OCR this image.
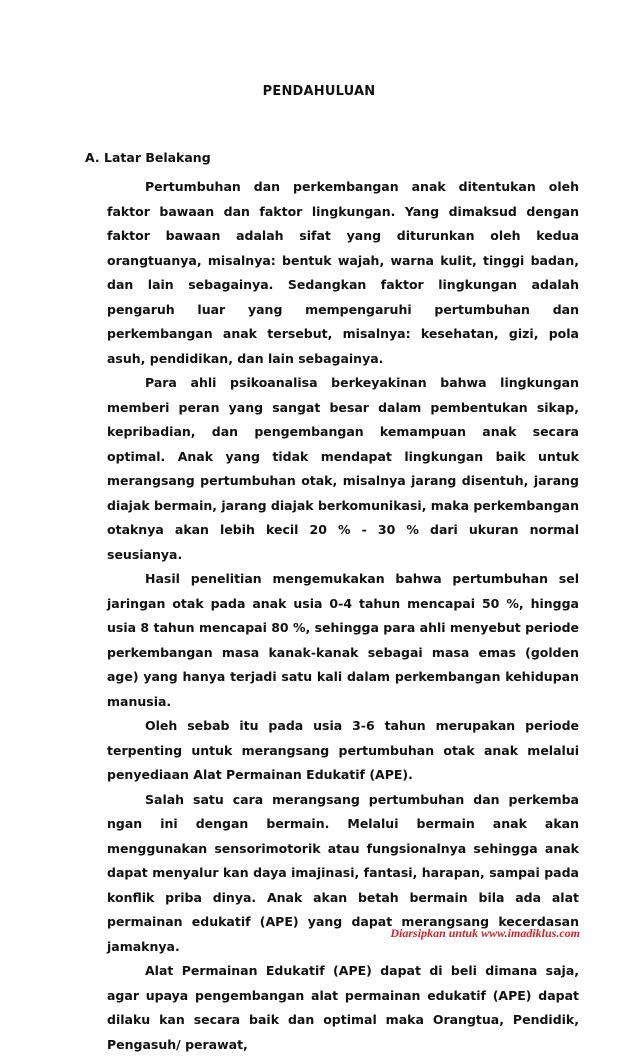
PENDAHULUAN
A. Latar Belakang

Pertumbuhan dan perkembangan anak ditentukan oleh faktor bawaan dan faktor lingkungan. Yang dimaksud dengan faktor bawaan adalah sifat yang diturunkan oleh kedua orangtuanya, misalnya: bentuk wajah, warna kulit, tinggi badan, dan lain sebagainya. Sedangkan faktor lingkungan adalah pengaruh luar yang mempengaruhi pertumbuhan dan perkembangan anak tersebut, misalnya: kesehatan, gizi, pola asuh, pendidikan, dan lain sebagainya.

Para ahli psikoanalisa berkeyakinan bahwa lingkungan memberi peran yang sangat besar dalam pembentukan sikap, kepribadian, dan pengembangan kemampuan anak secara optimal. Anak yang tidak mendapat lingkungan baik untuk merangsang pertumbuhan otak, misalnya jarang disentuh, jarang diajak bermain, jarang diajak berkomunikasi, maka perkembangan otaknya akan lebih kecil 20 % - 30 % dari ukuran normal seusianya.

Hasil penelitian mengemukakan bahwa pertumbuhan sel jaringan otak pada anak usia 0-4 tahun mencapai 50 %, hingga usia 8 tahun mencapai 80 %, sehingga para ahli menyebut periode perkembangan masa kanak-kanak sebagai masa emas (golden age) yang hanya terjadi satu kali dalam perkembangan kehidupan manusia.

Oleh sebab itu pada usia 3-6 tahun merupakan periode terpenting untuk merangsang pertumbuhan otak anak melalui penyediaan Alat Permainan Edukatif (APE).

Salah satu cara merangsang pertumbuhan dan perkemba ngan ini dengan bermain. Melalui bermain anak akan menggunakan sensorimotorik atau fungsionalnya sehingga anak dapat menyalur kan daya imajinasi, fantasi, harapan, sampai pada konflik priba dinya. Anak akan betah bermain bila ada alat permainan edukatif (APE) yang dapat merangsang kecerdasan jamaknya.

Alat Permainan Edukatif (APE) dapat di beli dimana saja, agar upaya pengembangan alat permainan edukatif (APE) dapat dilaku kan secara baik dan optimal maka Orangtua, Pendidik, Pengasuh/ perawat,

Diarsipkan untuk www.imadiklus.com
